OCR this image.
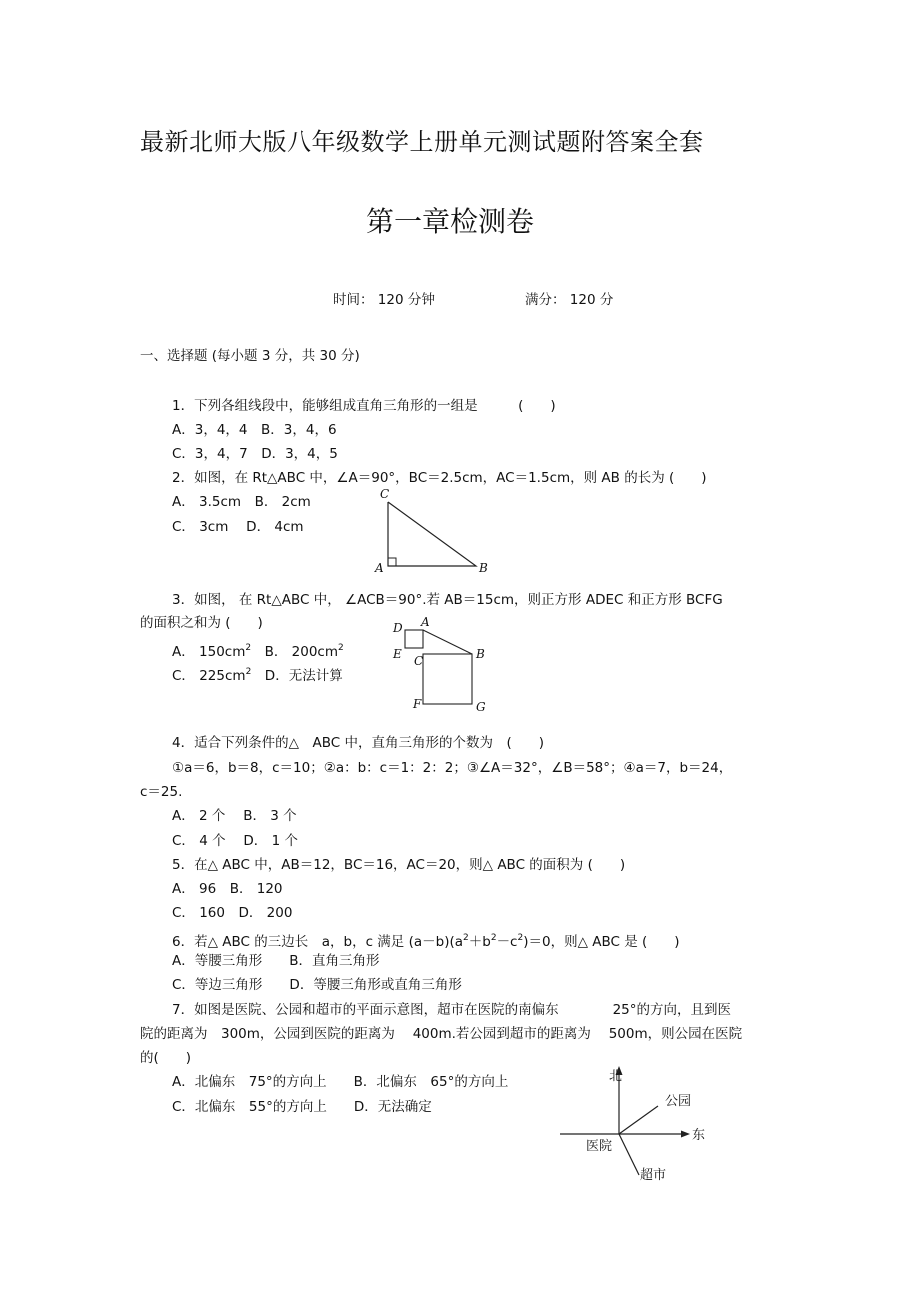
最新北师大版八年级数学上册单元测试题附答案全套
第一章检测卷
时间： 120 分钟	满分： 120 分
一、选择题 (每小题 3 分，共 30 分)
1．下列各组线段中，能够组成直角三角形的一组是　　　(　　)
A．3，4，4　B．3，4，6
C．3，4，7　D．3，4，5
2．如图，在 Rt△ABC 中，∠A＝90°，BC＝2.5cm，AC＝1.5cm，则 AB 的长为 (　　)
A． 3.5cm　B． 2cm
C． 3cm　 D． 4cm
C
A	B
3．如图， 在 Rt△ABC 中， ∠ACB＝90°.若 AB＝15cm，则正方形 ADEC 和正方形 BCFG
的面积之和为 (　　)
A． $150cm^2$　 B． $200cm^2$
C． $225cm^2$　 D．无法计算
D A
E C	B
F	G
4．适合下列条件的△　ABC 中，直角三角形的个数为　(　　)
①a＝6，b＝8，c＝10；②a：b：c＝1：2：2；③∠A＝32°，∠B＝58°；④a＝7，b＝24，
c＝25.
A． 2 个　 B． 3 个
C． 4 个　 D． 1 个
5．在△ ABC 中，AB＝12，BC＝16，AC＝20，则△ ABC 的面积为 (　　)
A． 96　B． 120
C． 160　D． 200
6．若△ ABC 的三边长　a，b，c 满足 $(a-b)(a^2+b^2-c^2)=0$，则△ ABC 是 (　　)
A．等腰三角形　　B．直角三角形
C．等边三角形　　D．等腰三角形或直角三角形
7．如图是医院、公园和超市的平面示意图，超市在医院的南偏东　　　　25°的方向，且到医
院的距离为　300m，公园到医院的距离为　 400m.若公园到超市的距离为　 500m，则公园在医院
的(　　)
A．北偏东　75°的方向上　　B．北偏东　65°的方向上
C．北偏东　55°的方向上　　D．无法确定
北
公园
东
医院
超市
